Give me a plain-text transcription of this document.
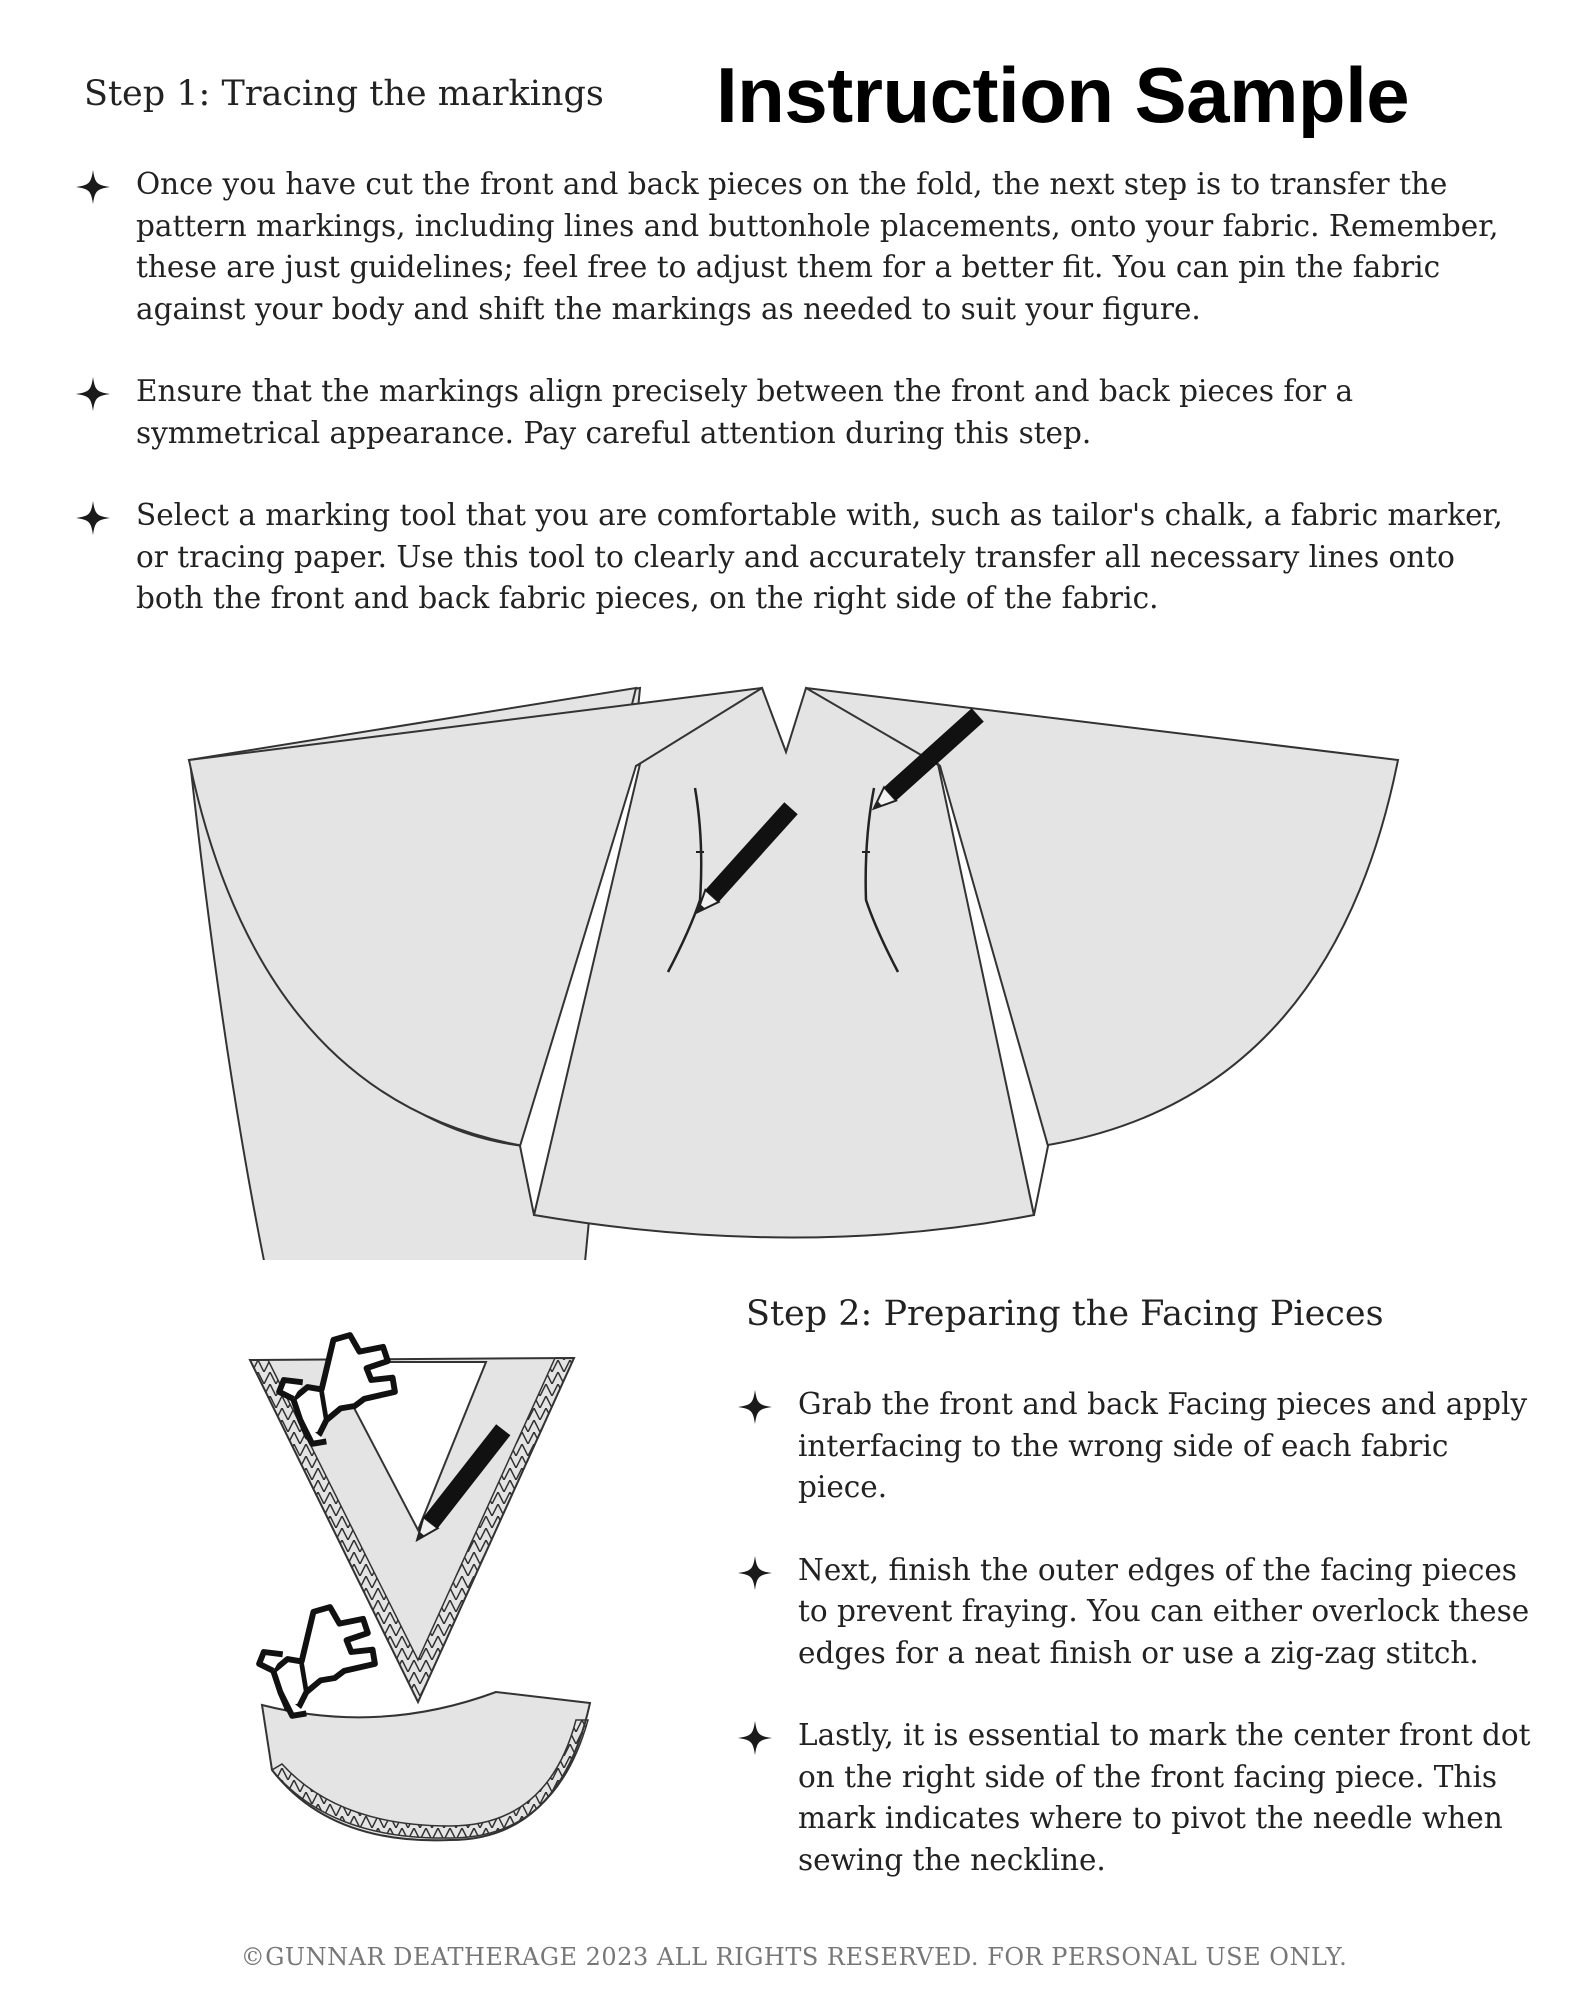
Instruction Sample
Step 1: Tracing the markings
Once you have cut the front and back pieces on the fold, the next step is to transfer the pattern markings, including lines and buttonhole placements, onto your fabric. Remember, these are just guidelines; feel free to adjust them for a better fit. You can pin the fabric against your body and shift the markings as needed to suit your figure.
Ensure that the markings align precisely between the front and back pieces for a symmetrical appearance. Pay careful attention during this step.
Select a marking tool that you are comfortable with, such as tailor's chalk, a fabric marker, or tracing paper. Use this tool to clearly and accurately transfer all necessary lines onto both the front and back fabric pieces, on the right side of the fabric.
Step 2: Preparing the Facing Pieces
Grab the front and back Facing pieces and apply interfacing to the wrong side of each fabric piece.
Next, finish the outer edges of the facing pieces to prevent fraying. You can either overlock these edges for a neat finish or use a zig-zag stitch.
Lastly, it is essential to mark the center front dot on the right side of the front facing piece. This mark indicates where to pivot the needle when sewing the neckline.
©GUNNAR DEATHERAGE 2023 ALL RIGHTS RESERVED. FOR PERSONAL USE ONLY.
